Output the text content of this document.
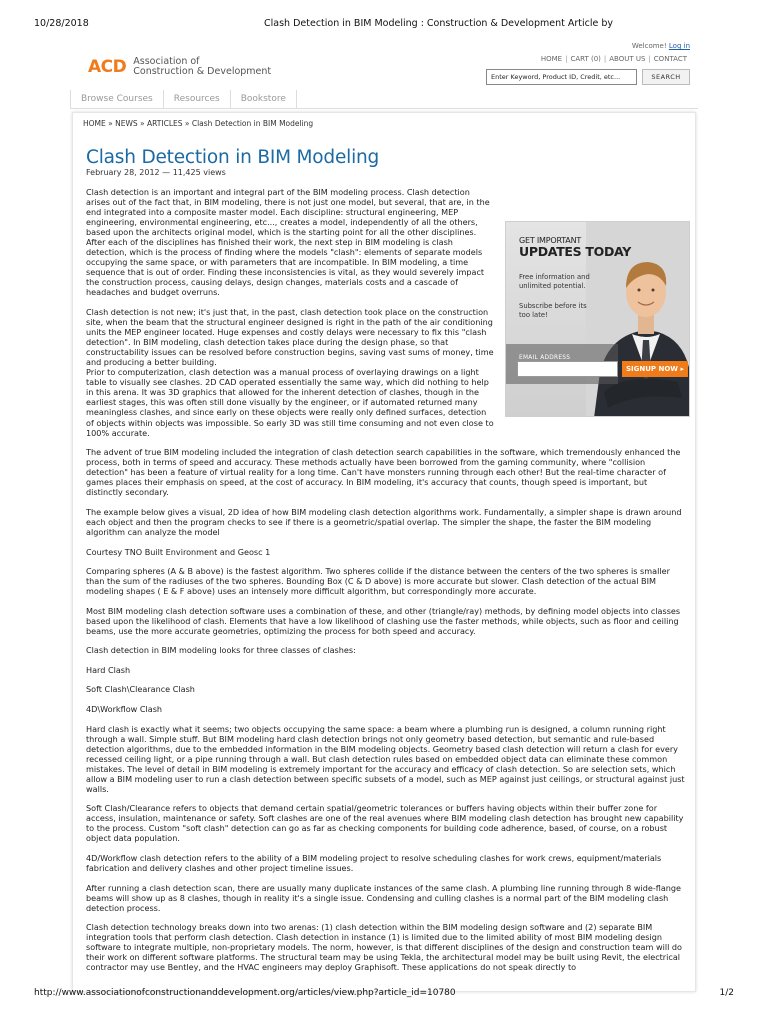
10/28/2018	Clash Detection in BIM Modeling : Construction & Development Article by
ACD Association of
Construction & Development
Welcome! Log in
HOME | CART (0) | ABOUT US | CONTACT
Enter Keyword, Product ID, Credit, etc...	SEARCH
Browse Courses	Resources	Bookstore
HOME » NEWS » ARTICLES » Clash Detection in BIM Modeling
Clash Detection in BIM Modeling
February 28, 2012 — 11,425 views
GET IMPORTANT
UPDATES TODAY
Free information and unlimited potential.
Subscribe before its too late!
EMAIL ADDRESS
SIGNUP NOW ▸

Clash detection is an important and integral part of the BIM modeling process. Clash detection arises out of the fact that, in BIM modeling, there is not just one model, but several, that are, in the end integrated into a composite master model. Each discipline: structural engineering, MEP engineering, environmental engineering, etc..., creates a model, independently of all the others, based upon the architects original model, which is the starting point for all the other disciplines. After each of the disciplines has finished their work, the next step in BIM modeling is clash detection, which is the process of finding where the models "clash": elements of separate models occupying the same space, or with parameters that are incompatible. In BIM modeling, a time sequence that is out of order. Finding these inconsistencies is vital, as they would severely impact the construction process, causing delays, design changes, materials costs and a cascade of headaches and budget overruns.

Clash detection is not new; it's just that, in the past, clash detection took place on the construction site, when the beam that the structural engineer designed is right in the path of the air conditioning units the MEP engineer located. Huge expenses and costly delays were necessary to fix this "clash detection". In BIM modeling, clash detection takes place during the design phase, so that constructability issues can be resolved before construction begins, saving vast sums of money, time and producing a better building.

Prior to computerization, clash detection was a manual process of overlaying drawings on a light table to visually see clashes. 2D CAD operated essentially the same way, which did nothing to help in this arena. It was 3D graphics that allowed for the inherent detection of clashes, though in the earliest stages, this was often still done visually by the engineer, or if automated returned many meaningless clashes, and since early on these objects were really only defined surfaces, detection of objects within objects was impossible. So early 3D was still time consuming and not even close to 100% accurate.

The advent of true BIM modeling included the integration of clash detection search capabilities in the software, which tremendously enhanced the process, both in terms of speed and accuracy. These methods actually have been borrowed from the gaming community, where "collision detection" has been a feature of virtual reality for a long time. Can't have monsters running through each other! But the real-time character of games places their emphasis on speed, at the cost of accuracy. In BIM modeling, it's accuracy that counts, though speed is important, but distinctly secondary.

The example below gives a visual, 2D idea of how BIM modeling clash detection algorithms work. Fundamentally, a simpler shape is drawn around each object and then the program checks to see if there is a geometric/spatial overlap. The simpler the shape, the faster the BIM modeling algorithm can analyze the model

Courtesy TNO Built Environment and Geosc 1

Comparing spheres (A & B above) is the fastest algorithm. Two spheres collide if the distance between the centers of the two spheres is smaller than the sum of the radiuses of the two spheres. Bounding Box (C & D above) is more accurate but slower. Clash detection of the actual BIM modeling shapes ( E & F above) uses an intensely more difficult algorithm, but correspondingly more accurate.

Most BIM modeling clash detection software uses a combination of these, and other (triangle/ray) methods, by defining model objects into classes based upon the likelihood of clash. Elements that have a low likelihood of clashing use the faster methods, while objects, such as floor and ceiling beams, use the more accurate geometries, optimizing the process for both speed and accuracy.

Clash detection in BIM modeling looks for three classes of clashes:

Hard Clash

Soft Clash\Clearance Clash

4D\Workflow Clash

Hard clash is exactly what it seems; two objects occupying the same space: a beam where a plumbing run is designed, a column running right through a wall. Simple stuff. But BIM modeling hard clash detection brings not only geometry based detection, but semantic and rule-based detection algorithms, due to the embedded information in the BIM modeling objects. Geometry based clash detection will return a clash for every recessed ceiling light, or a pipe running through a wall. But clash detection rules based on embedded object data can eliminate these common mistakes. The level of detail in BIM modeling is extremely important for the accuracy and efficacy of clash detection. So are selection sets, which allow a BIM modeling user to run a clash detection between specific subsets of a model, such as MEP against just ceilings, or structural against just walls.

Soft Clash/Clearance refers to objects that demand certain spatial/geometric tolerances or buffers having objects within their buffer zone for access, insulation, maintenance or safety. Soft clashes are one of the real avenues where BIM modeling clash detection has brought new capability to the process. Custom "soft clash" detection can go as far as checking components for building code adherence, based, of course, on a robust object data population.

4D/Workflow clash detection refers to the ability of a BIM modeling project to resolve scheduling clashes for work crews, equipment/materials fabrication and delivery clashes and other project timeline issues.

After running a clash detection scan, there are usually many duplicate instances of the same clash. A plumbing line running through 8 wide-flange beams will show up as 8 clashes, though in reality it's a single issue. Condensing and culling clashes is a normal part of the BIM modeling clash detection process.

Clash detection technology breaks down into two arenas: (1) clash detection within the BIM modeling design software and (2) separate BIM integration tools that perform clash detection. Clash detection in instance (1) is limited due to the limited ability of most BIM modeling design software to integrate multiple, non-proprietary models. The norm, however, is that different disciplines of the design and construction team will do their work on different software platforms. The structural team may be using Tekla, the architectural model may be built using Revit, the electrical contractor may use Bentley, and the HVAC engineers may deploy Graphisoft. These applications do not speak directly to

http://www.associationofconstructionanddevelopment.org/articles/view.php?article_id=10780	1/2
